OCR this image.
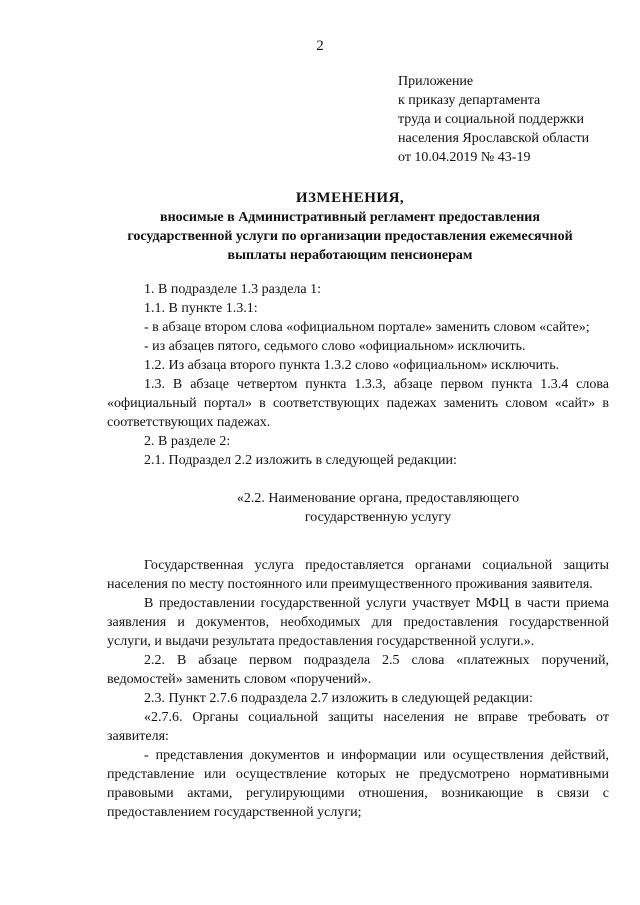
2
Приложение
к приказу департамента
труда и социальной поддержки
населения Ярославской области
от 10.04.2019 № 43-19
ИЗМЕНЕНИЯ,
вносимые в Административный регламент предоставления
государственной услуги по организации предоставления ежемесячной
выплаты неработающим пенсионерам

1. В подразделе 1.3 раздела 1:

1.1. В пункте 1.3.1:

- в абзаце втором слова «официальном портале» заменить словом «сайте»;

- из абзацев пятого, седьмого слово «официальном» исключить.

1.2. Из абзаца второго пункта 1.3.2 слово «официальном» исключить.

1.3. В абзаце четвертом пункта 1.3.3, абзаце первом пункта 1.3.4 слова «официальный портал» в соответствующих падежах заменить словом «сайт» в соответствующих падежах.

2. В разделе 2:

2.1. Подраздел 2.2 изложить в следующей редакции:

«2.2. Наименование органа, предоставляющего
государственную услугу

Государственная услуга предоставляется органами социальной защиты населения по месту постоянного или преимущественного проживания заявителя.

В предоставлении государственной услуги участвует МФЦ в части приема заявления и документов, необходимых для предоставления государственной услуги, и выдачи результата предоставления государственной услуги.».

2.2. В абзаце первом подраздела 2.5 слова «платежных поручений, ведомостей» заменить словом «поручений».

2.3. Пункт 2.7.6 подраздела 2.7 изложить в следующей редакции:

«2.7.6. Органы социальной защиты населения не вправе требовать от заявителя:

- представления документов и информации или осуществления действий, представление или осуществление которых не предусмотрено нормативными правовыми актами, регулирующими отношения, возникающие в связи с предоставлением государственной услуги;
